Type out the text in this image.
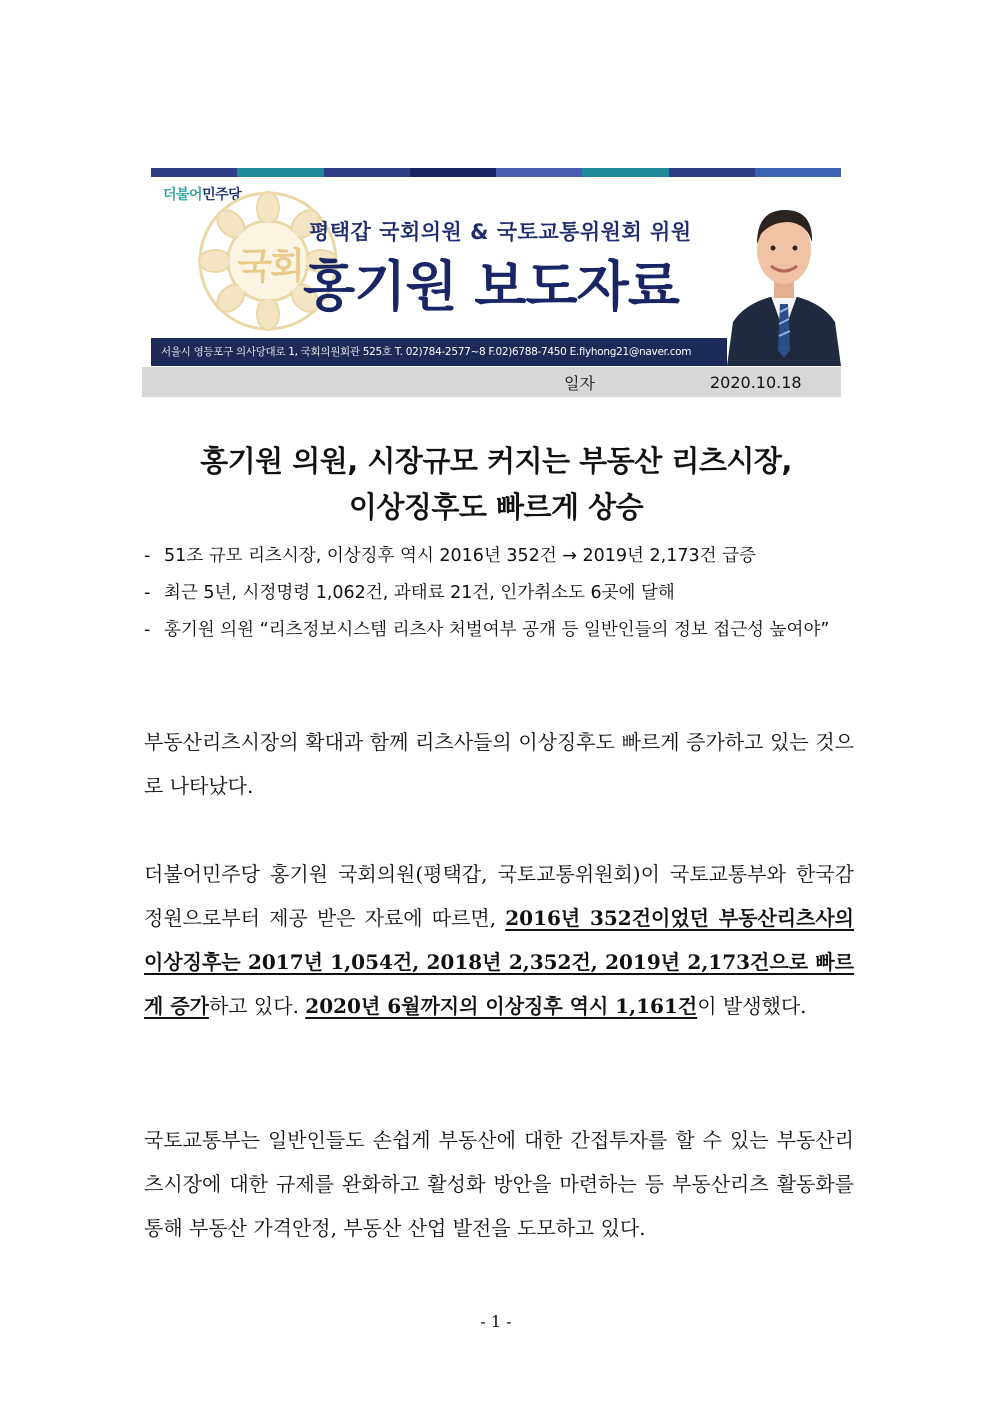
더불어민주당
국회
평택갑 국회의원 & 국토교통위원회 위원
홍기원 보도자료
서울시 영등포구 의사당대로 1, 국회의원회관 525호 T. 02)784-2577~8 F.02)6788-7450 E.flyhong21@naver.com
일자	2020.10.18
홍기원 의원, 시장규모 커지는 부동산 리츠시장,
이상징후도 빠르게 상승
- 51조 규모 리츠시장, 이상징후 역시 2016년 352건 → 2019년 2,173건 급증
- 최근 5년, 시정명령 1,062건, 과태료 21건, 인가취소도 6곳에 달해
- 홍기원 의원 “리츠정보시스템 리츠사 처벌여부 공개 등 일반인들의 정보 접근성 높여야”

부동산리츠시장의 확대과 함께 리츠사들의 이상징후도 빠르게 증가하고 있는 것으로 나타났다.

더불어민주당 홍기원 국회의원(평택갑, 국토교통위원회)이 국토교통부와 한국감정원으로부터 제공 받은 자료에 따르면, 2016년 352건이었던 부동산리츠사의 이상징후는 2017년 1,054건, 2018년 2,352건, 2019년 2,173건으로 빠르게 증가하고 있다. 2020년 6월까지의 이상징후 역시 1,161건이 발생했다.

국토교통부는 일반인들도 손쉽게 부동산에 대한 간접투자를 할 수 있는 부동산리츠시장에 대한 규제를 완화하고 활성화 방안을 마련하는 등 부동산리츠 활동화를 통해 부동산 가격안정, 부동산 산업 발전을 도모하고 있다.

- 1 -
